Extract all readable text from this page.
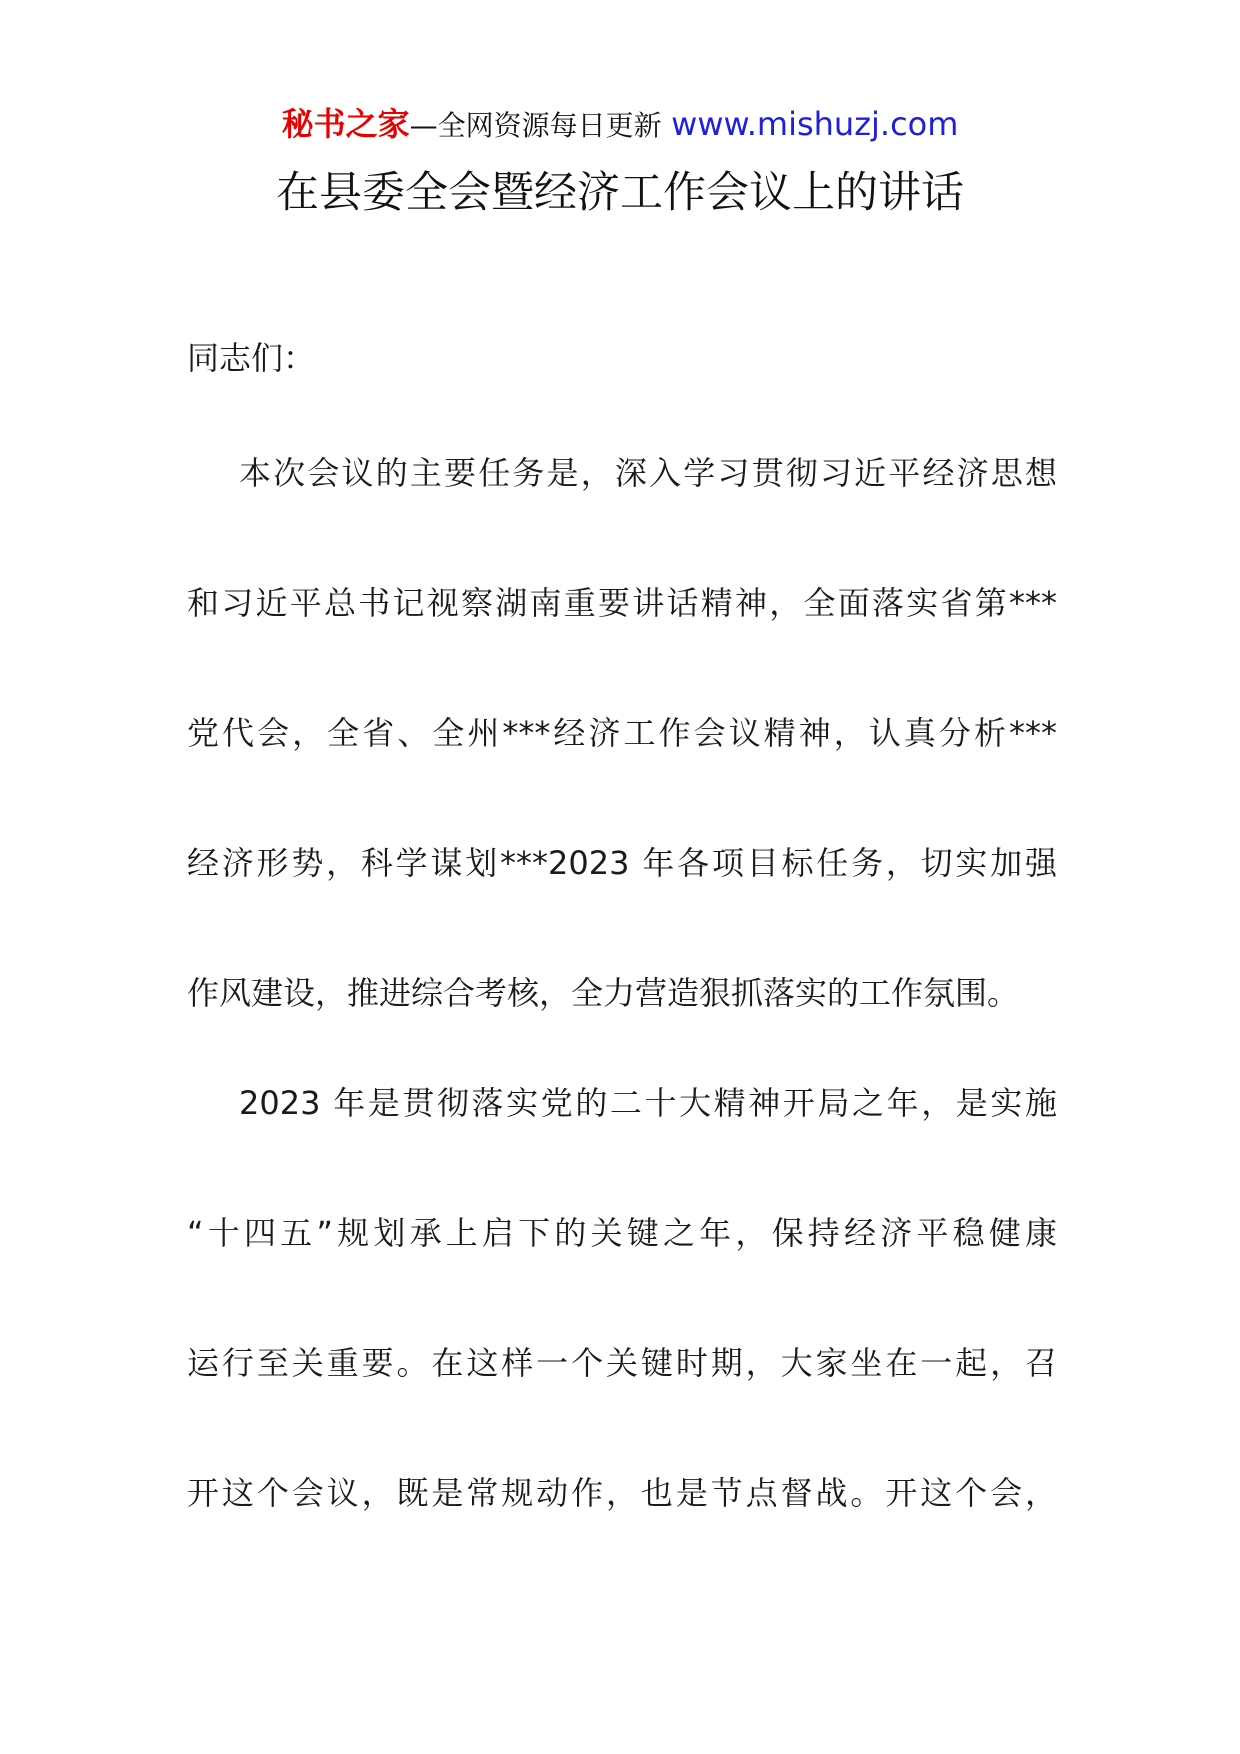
秘书之家—全网资源每日更新 www.mishuzj.com
在县委全会暨经济工作会议上的讲话
同志们：
本次会议的主要任务是，深入学习贯彻习近平经济思想
和习近平总书记视察湖南重要讲话精神，全面落实省第***
党代会，全省、全州***经济工作会议精神，认真分析***
经济形势，科学谋划***2023 年各项目标任务，切实加强
作风建设，推进综合考核，全力营造狠抓落实的工作氛围。
2023 年是贯彻落实党的二十大精神开局之年，是实施
“十四五”规划承上启下的关键之年，保持经济平稳健康
运行至关重要。在这样一个关键时期，大家坐在一起，召
开这个会议，既是常规动作，也是节点督战。开这个会，
